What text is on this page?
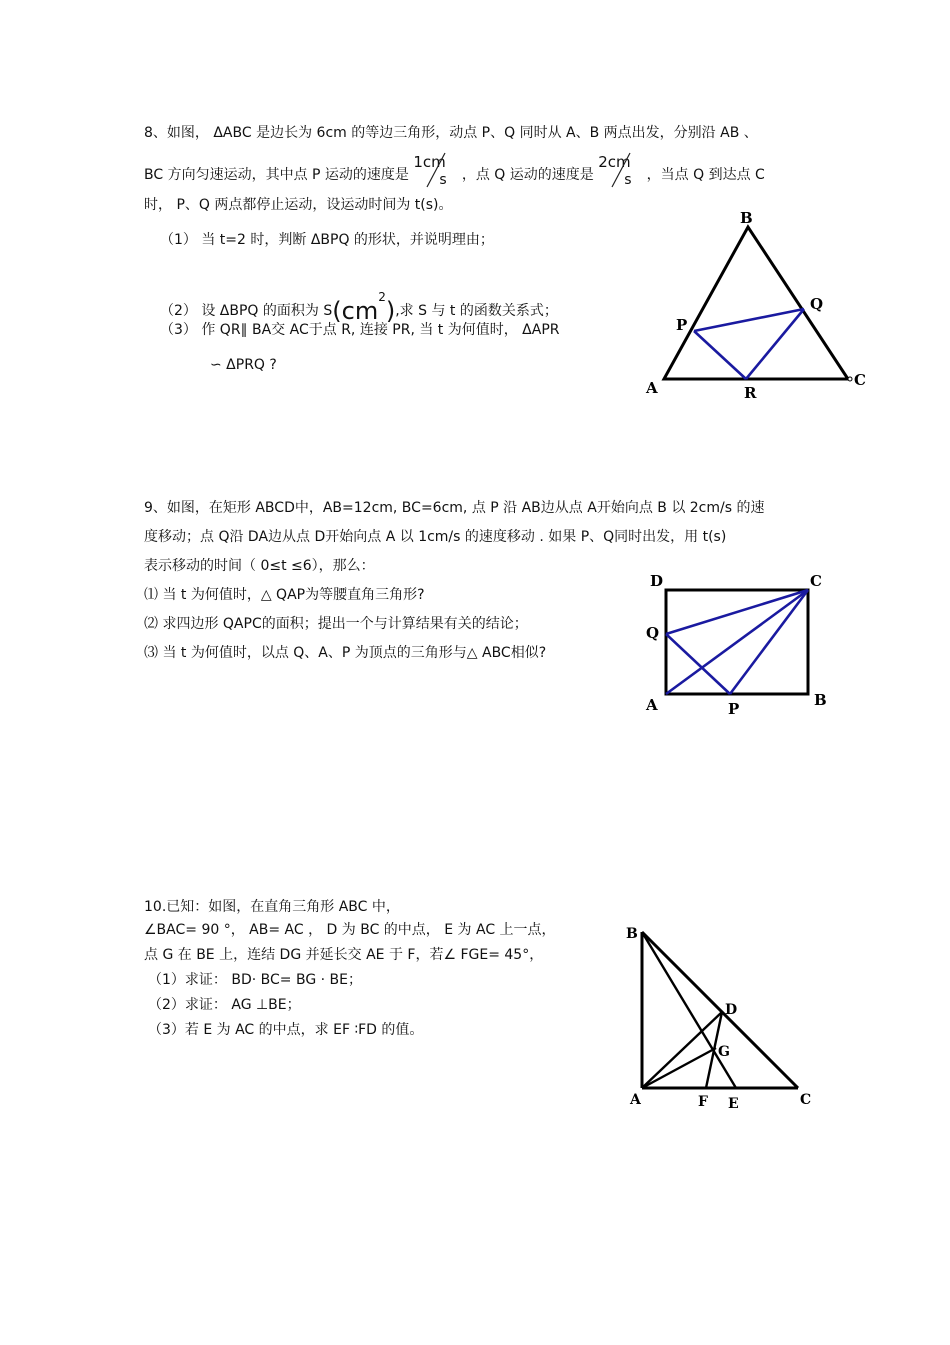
8、如图， ΔABC 是边长为 6cm 的等边三角形，动点 P、Q 同时从 A、B 两点出发，分别沿 AB 、
BC 方向匀速运动，其中点 P 运动的速度是
1cm
s ，点 Q 运动的速度是
2cm
s ，当点 Q 到达点 C
时， P、Q 两点都停止运动，设运动时间为 t(s)。
（1） 当 t=2 时，判断 ΔBPQ 的形状，并说明理由；
（2） 设 ΔBPQ 的面积为 S(cm2),求 S 与 t 的函数关系式；
（3） 作 QR∥ BA交 AC于点 R, 连接 PR, 当 t 为何值时， ΔAPR
∽ ΔPRQ ?
B
Q
P
A	R
C
9、如图，在矩形 ABCD中，AB=12cm, BC=6cm, 点 P 沿 AB边从点 A开始向点 B 以 2cm/s 的速
度移动；点 Q沿 DA边从点 D开始向点 A 以 1cm/s 的速度移动 . 如果 P、Q同时出发，用 t(s)
表示移动的时间（ 0≤t ≤6），那么：
⑴ 当 t 为何值时，△ QAP为等腰直角三角形?
⑵ 求四边形 QAPC的面积；提出一个与计算结果有关的结论；
⑶ 当 t 为何值时，以点 Q、A、P 为顶点的三角形与△ ABC相似?
D	C
Q
A	P	B
10.已知：如图，在直角三角形 ABC 中，
∠BAC= 90 °， AB= AC ， D 为 BC 的中点， E 为 AC 上一点，
点 G 在 BE 上，连结 DG 并延长交 AE 于 F，若∠ FGE= 45°，
（1）求证： BD· BC= BG · BE；
（2）求证： AG ⊥BE；
（3）若 E 为 AC 的中点，求 EF ∶FD 的值。
B
D
G
A	F E	C
